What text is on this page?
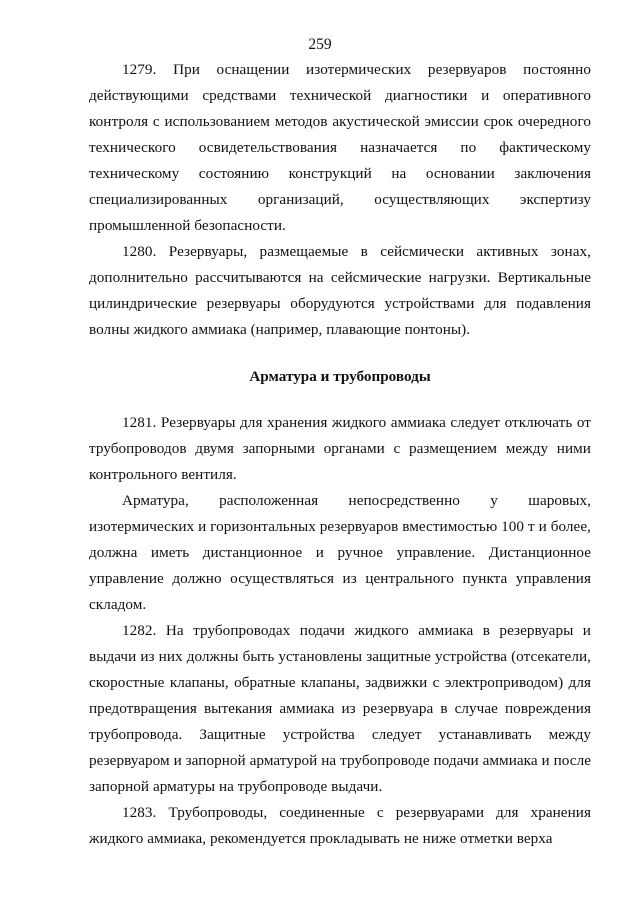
259

1279. При оснащении изотермических резервуаров постоянно действующими средствами технической диагностики и оперативного контроля с использованием методов акустической эмиссии срок очередного технического освидетельствования назначается по фактическому техническому состоянию конструкций на основании заключения специализированных организаций, осуществляющих экспертизу промышленной безопасности.

1280. Резервуары, размещаемые в сейсмически активных зонах, дополнительно рассчитываются на сейсмические нагрузки. Вертикальные цилиндрические резервуары оборудуются устройствами для подавления волны жидкого аммиака (например, плавающие понтоны).

Арматура и трубопроводы

1281. Резервуары для хранения жидкого аммиака следует отключать от трубопроводов двумя запорными органами с размещением между ними контрольного вентиля.

Арматура, расположенная непосредственно у шаровых, изотермических и горизонтальных резервуаров вместимостью 100 т и более, должна иметь дистанционное и ручное управление. Дистанционное управление должно осуществляться из центрального пункта управления складом.

1282. На трубопроводах подачи жидкого аммиака в резервуары и выдачи из них должны быть установлены защитные устройства (отсекатели, скоростные клапаны, обратные клапаны, задвижки с электроприводом) для предотвращения вытекания аммиака из резервуара в случае повреждения трубопровода. Защитные устройства следует устанавливать между резервуаром и запорной арматурой на трубопроводе подачи аммиака и после запорной арматуры на трубопроводе выдачи.

1283. Трубопроводы, соединенные с резервуарами для хранения жидкого аммиака, рекомендуется прокладывать не ниже отметки верха
